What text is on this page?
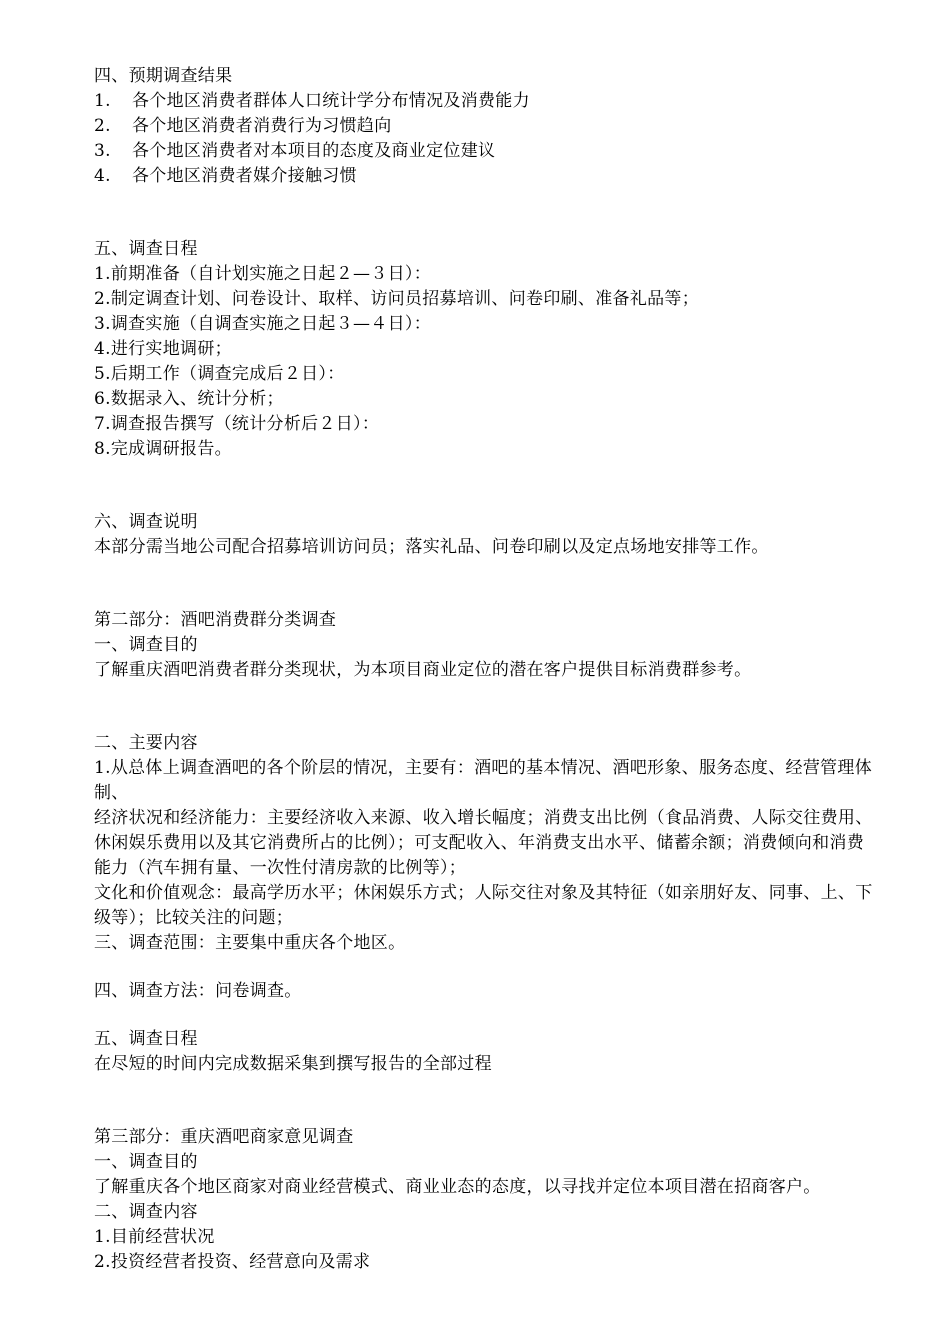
四、预期调查结果
1. 各个地区消费者群体人口统计学分布情况及消费能力
2. 各个地区消费者消费行为习惯趋向
3. 各个地区消费者对本项目的态度及商业定位建议
4. 各个地区消费者媒介接触习惯
五、调查日程
1.前期准备（自计划实施之日起２—３日）：
2.制定调查计划、问卷设计、取样、访问员招募培训、问卷印刷、准备礼品等；
3.调查实施（自调查实施之日起３—４日）：
4.进行实地调研；
5.后期工作（调查完成后２日）：
6.数据录入、统计分析；
7.调查报告撰写（统计分析后２日）：
8.完成调研报告。
六、调查说明
本部分需当地公司配合招募培训访问员；落实礼品、问卷印刷以及定点场地安排等工作。
第二部分：酒吧消费群分类调查
一、调查目的
了解重庆酒吧消费者群分类现状，为本项目商业定位的潜在客户提供目标消费群参考。
二、主要内容
1.从总体上调查酒吧的各个阶层的情况，主要有：酒吧的基本情况、酒吧形象、服务态度、经营管理体制、
经济状况和经济能力：主要经济收入来源、收入增长幅度；消费支出比例（食品消费、人际交往费用、休闲娱乐费用以及其它消费所占的比例）；可支配收入、年消费支出水平、储蓄余额；消费倾向和消费能力（汽车拥有量、一次性付清房款的比例等）；
文化和价值观念：最高学历水平；休闲娱乐方式；人际交往对象及其特征（如亲朋好友、同事、上、下级等）；比较关注的问题；
三、调查范围：主要集中重庆各个地区。
四、调查方法：问卷调查。
五、调查日程
在尽短的时间内完成数据采集到撰写报告的全部过程
第三部分：重庆酒吧商家意见调查
一、调查目的
了解重庆各个地区商家对商业经营模式、商业业态的态度，以寻找并定位本项目潜在招商客户。
二、调查内容
1.目前经营状况
2.投资经营者投资、经营意向及需求
